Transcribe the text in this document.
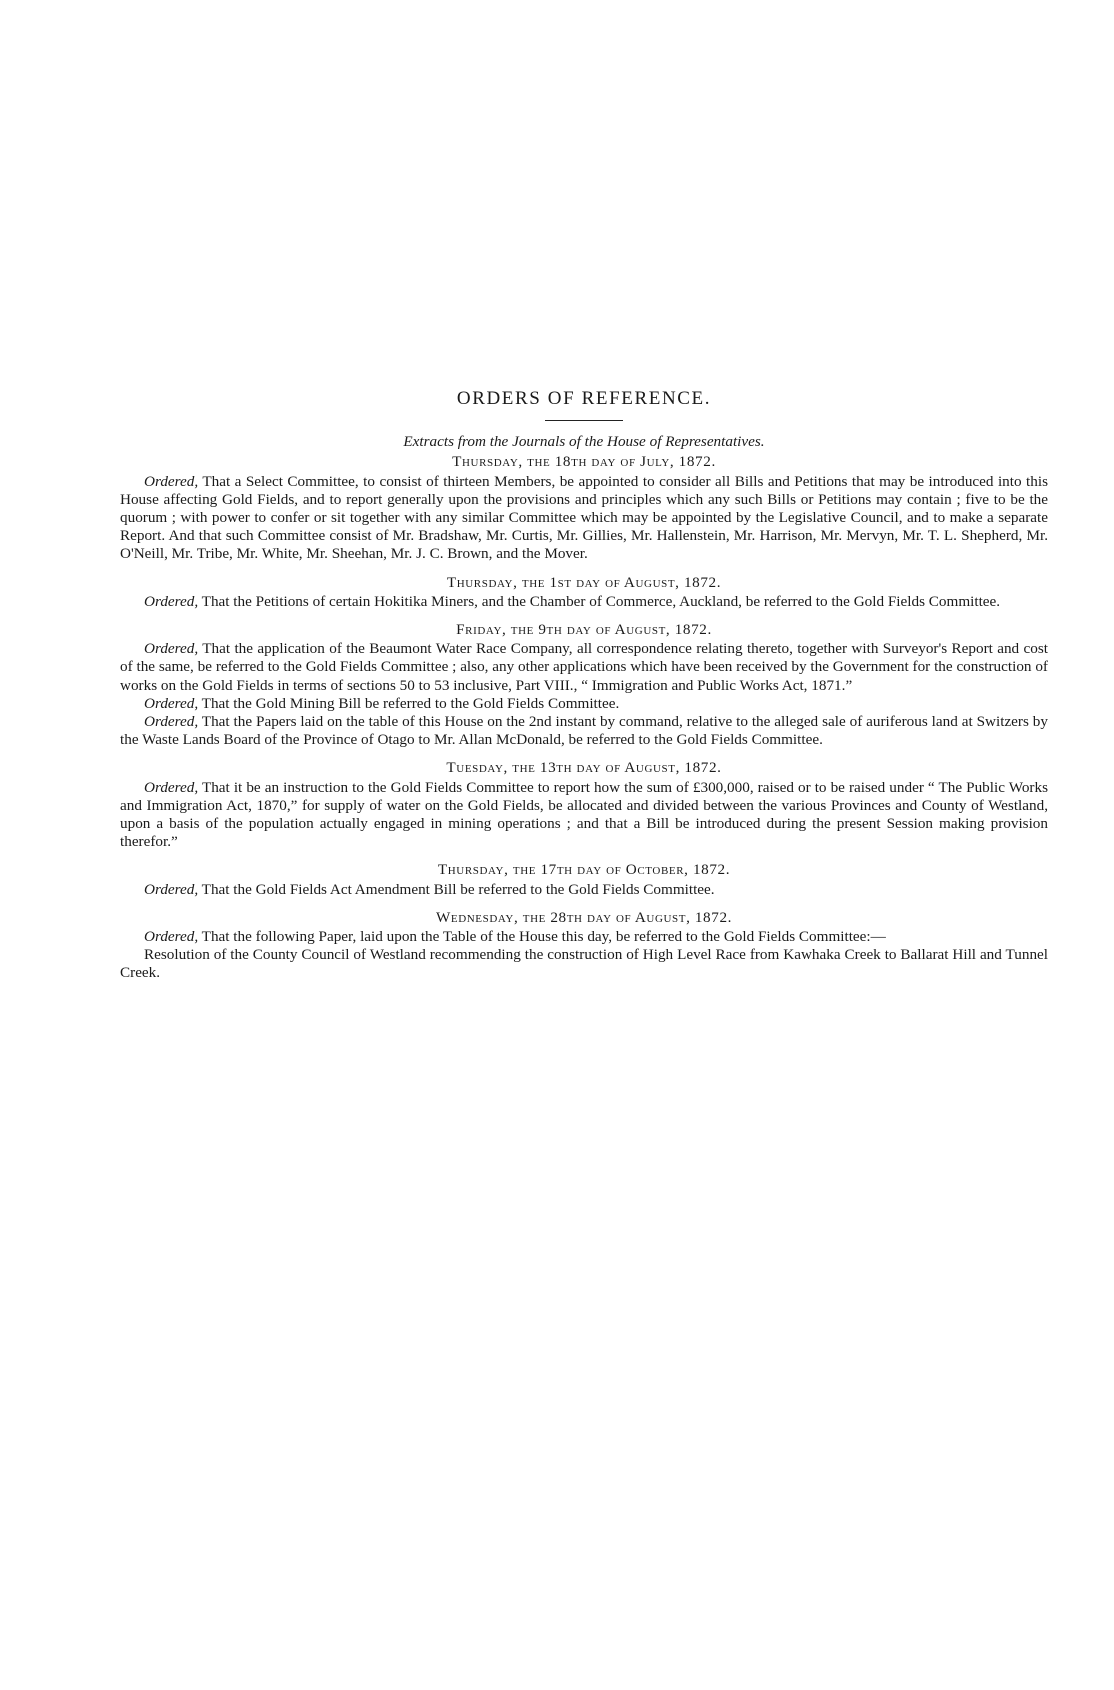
ORDERS OF REFERENCE.
Extracts from the Journals of the House of Representatives.
Thursday, the 18th day of July, 1872.

Ordered, That a Select Committee, to consist of thirteen Members, be appointed to consider all Bills and Petitions that may be introduced into this House affecting Gold Fields, and to report generally upon the provisions and principles which any such Bills or Petitions may contain ; five to be the quorum ; with power to confer or sit together with any similar Committee which may be appointed by the Legislative Council, and to make a separate Report. And that such Committee consist of Mr. Bradshaw, Mr. Curtis, Mr. Gillies, Mr. Hallenstein, Mr. Harrison, Mr. Mervyn, Mr. T. L. Shepherd, Mr. O'Neill, Mr. Tribe, Mr. White, Mr. Sheehan, Mr. J. C. Brown, and the Mover.

Thursday, the 1st day of August, 1872.

Ordered, That the Petitions of certain Hokitika Miners, and the Chamber of Commerce, Auckland, be referred to the Gold Fields Committee.

Friday, the 9th day of August, 1872.

Ordered, That the application of the Beaumont Water Race Company, all correspondence relating thereto, together with Surveyor's Report and cost of the same, be referred to the Gold Fields Committee ; also, any other applications which have been received by the Government for the construction of works on the Gold Fields in terms of sections 50 to 53 inclusive, Part VIII., “ Immigration and Public Works Act, 1871.”

Ordered, That the Gold Mining Bill be referred to the Gold Fields Committee.

Ordered, That the Papers laid on the table of this House on the 2nd instant by command, relative to the alleged sale of auriferous land at Switzers by the Waste Lands Board of the Province of Otago to Mr. Allan McDonald, be referred to the Gold Fields Committee.

Tuesday, the 13th day of August, 1872.

Ordered, That it be an instruction to the Gold Fields Committee to report how the sum of £300,000, raised or to be raised under “ The Public Works and Immigration Act, 1870,” for supply of water on the Gold Fields, be allocated and divided between the various Provinces and County of Westland, upon a basis of the population actually engaged in mining operations ; and that a Bill be introduced during the present Session making provision therefor.”

Thursday, the 17th day of October, 1872.

Ordered, That the Gold Fields Act Amendment Bill be referred to the Gold Fields Committee.

Wednesday, the 28th day of August, 1872.

Ordered, That the following Paper, laid upon the Table of the House this day, be referred to the Gold Fields Committee:—

Resolution of the County Council of Westland recommending the construction of High Level Race from Kawhaka Creek to Ballarat Hill and Tunnel Creek.
